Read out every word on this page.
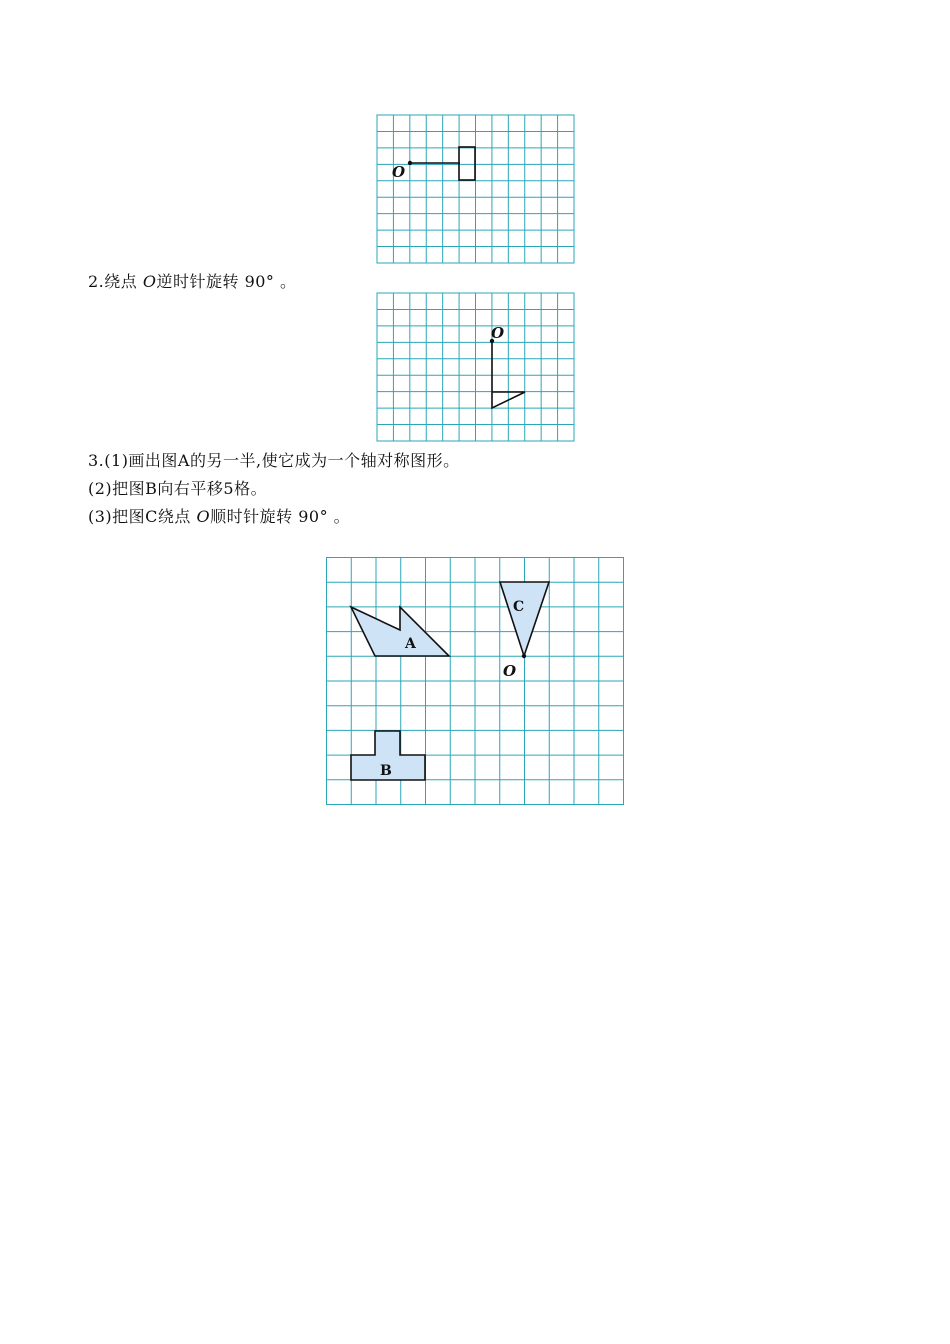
O
2.绕点 O逆时针旋转 90° 。
O
3.(1)画出图A的另一半,使它成为一个轴对称图形。
(2)把图B向右平移5格。
(3)把图C绕点 O顺时针旋转 90° 。
A
B
C
O
